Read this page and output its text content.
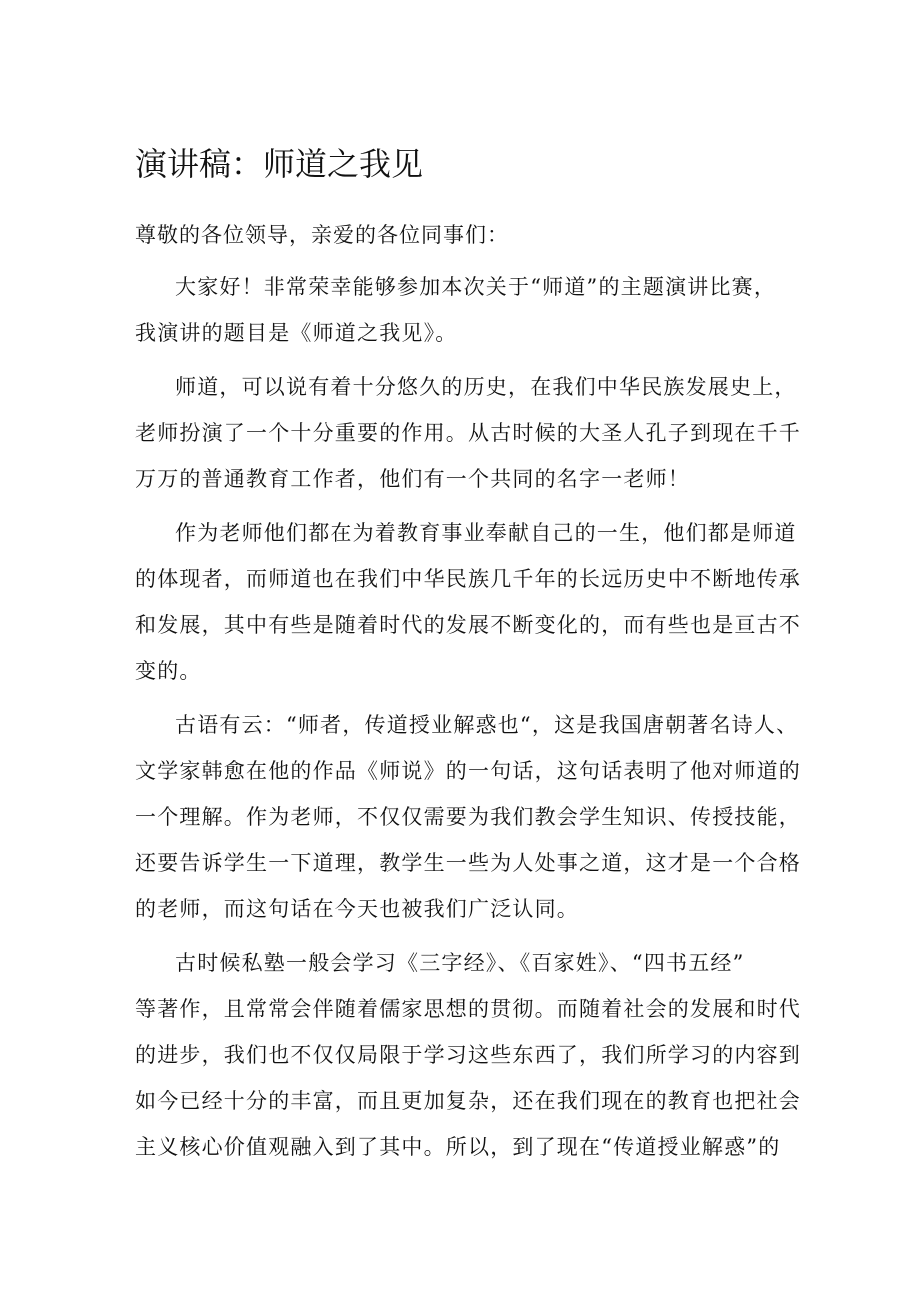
演讲稿：师道之我见

尊敬的各位领导，亲爱的各位同事们：

大家好！非常荣幸能够参加本次关于“师道”的主题演讲比赛，
我演讲的题目是《师道之我见》。
师道，可以说有着十分悠久的历史，在我们中华民族发展史上，
老师扮演了一个十分重要的作用。从古时候的大圣人孔子到现在千千
万万的普通教育工作者，他们有一个共同的名字一老师！
作为老师他们都在为着教育事业奉献自己的一生，他们都是师道
的体现者，而师道也在我们中华民族几千年的长远历史中不断地传承
和发展，其中有些是随着时代的发展不断变化的，而有些也是亘古不
变的。
古语有云：“师者，传道授业解惑也“，这是我国唐朝著名诗人、
文学家韩愈在他的作品《师说》的一句话，这句话表明了他对师道的
一个理解。作为老师，不仅仅需要为我们教会学生知识、传授技能，
还要告诉学生一下道理，教学生一些为人处事之道，这才是一个合格
的老师，而这句话在今天也被我们广泛认同。
古时候私塾一般会学习《三字经》、《百家姓》、“四书五经”
等著作，且常常会伴随着儒家思想的贯彻。而随着社会的发展和时代
的进步，我们也不仅仅局限于学习这些东西了，我们所学习的内容到
如今已经十分的丰富，而且更加复杂，还在我们现在的教育也把社会
主义核心价值观融入到了其中。所以，到了现在“传道授业解惑”的
